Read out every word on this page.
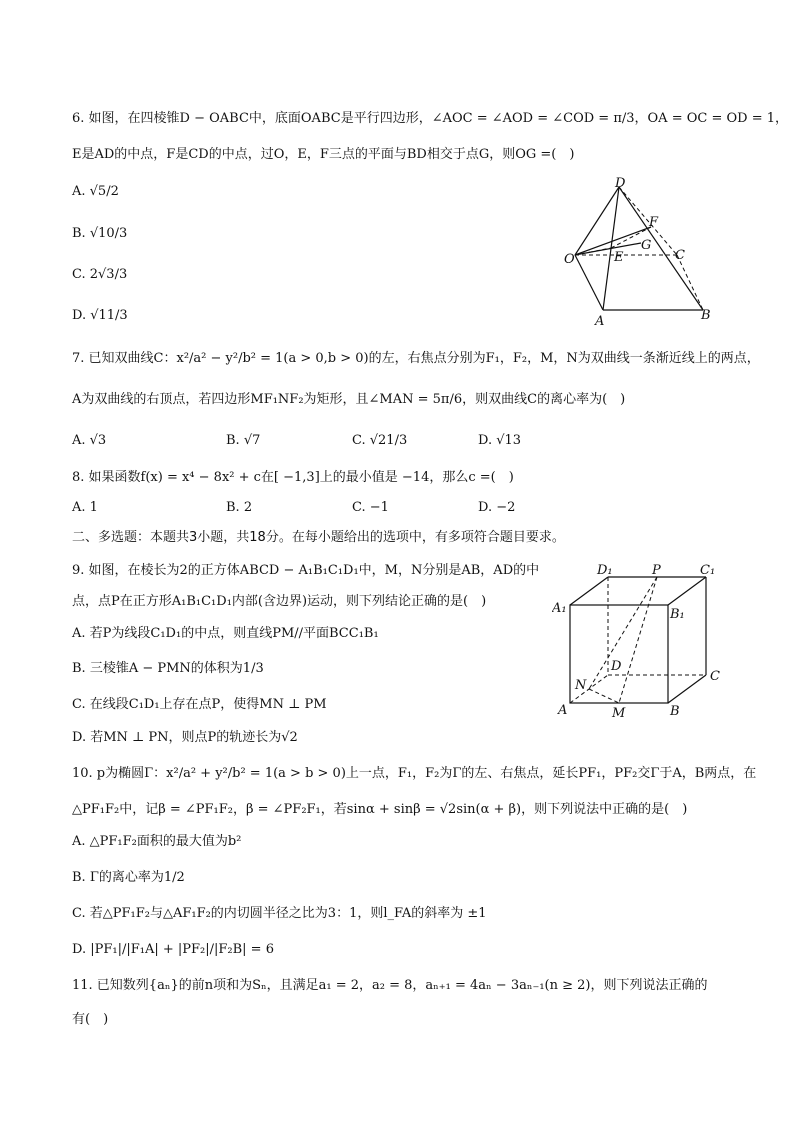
6. 如图，在四棱锥D − OABC中，底面OABC是平行四边形，∠AOC = ∠AOD = ∠COD = π/3，OA = OC = OD = 1，
E是AD的中点，F是CD的中点，过O，E，F三点的平面与BD相交于点G，则OG =(　)
A. √5/2
B. √10/3
C. 2√3/3
D. √11/3
D
F
G
O	E	C
A	B
7. 已知双曲线C：x²/a² − y²/b² = 1(a > 0,b > 0)的左，右焦点分别为F₁，F₂，M，N为双曲线一条渐近线上的两点，
A为双曲线的右顶点，若四边形MF₁NF₂为矩形，且∠MAN = 5π/6，则双曲线C的离心率为(　)
A. √3	B. √7	C. √21/3	D. √13
8. 如果函数f(x) = x⁴ − 8x² + c在[ −1,3]上的最小值是 −14，那么c =(　)
A. 1	B. 2	C. −1	D. −2
二、多选题：本题共3小题，共18分。在每小题给出的选项中，有多项符合题目要求。
9. 如图，在棱长为2的正方体ABCD − A₁B₁C₁D₁中，M，N分别是AB，AD的中
点，点P在正方形A₁B₁C₁D₁内部(含边界)运动，则下列结论正确的是(　)
A. 若P为线段C₁D₁的中点，则直线PM//平面BCC₁B₁
B. 三棱锥A − PMN的体积为1/3
C. 在线段C₁D₁上存在点P，使得MN ⊥ PM
D. 若MN ⊥ PN，则点P的轨迹长为√2
D₁	P	C₁
A₁	B₁
D
C
N
A	M	B
10. p为椭圆Γ：x²/a² + y²/b² = 1(a > b > 0)上一点，F₁，F₂为Γ的左、右焦点，延长PF₁，PF₂交Γ于A，B两点，在
△PF₁F₂中，记β = ∠PF₁F₂，β = ∠PF₂F₁，若sinα + sinβ = √2sin(α + β)，则下列说法中正确的是(　)
A. △PF₁F₂面积的最大值为b²
B. Γ的离心率为1/2
C. 若△PF₁F₂与△AF₁F₂的内切圆半径之比为3：1，则l_FA的斜率为 ±1
D. |PF₁|/|F₁A| + |PF₂|/|F₂B| = 6
11. 已知数列{aₙ}的前n项和为Sₙ，且满足a₁ = 2，a₂ = 8，aₙ₊₁ = 4aₙ − 3aₙ₋₁(n ≥ 2)，则下列说法正确的
有(　)
